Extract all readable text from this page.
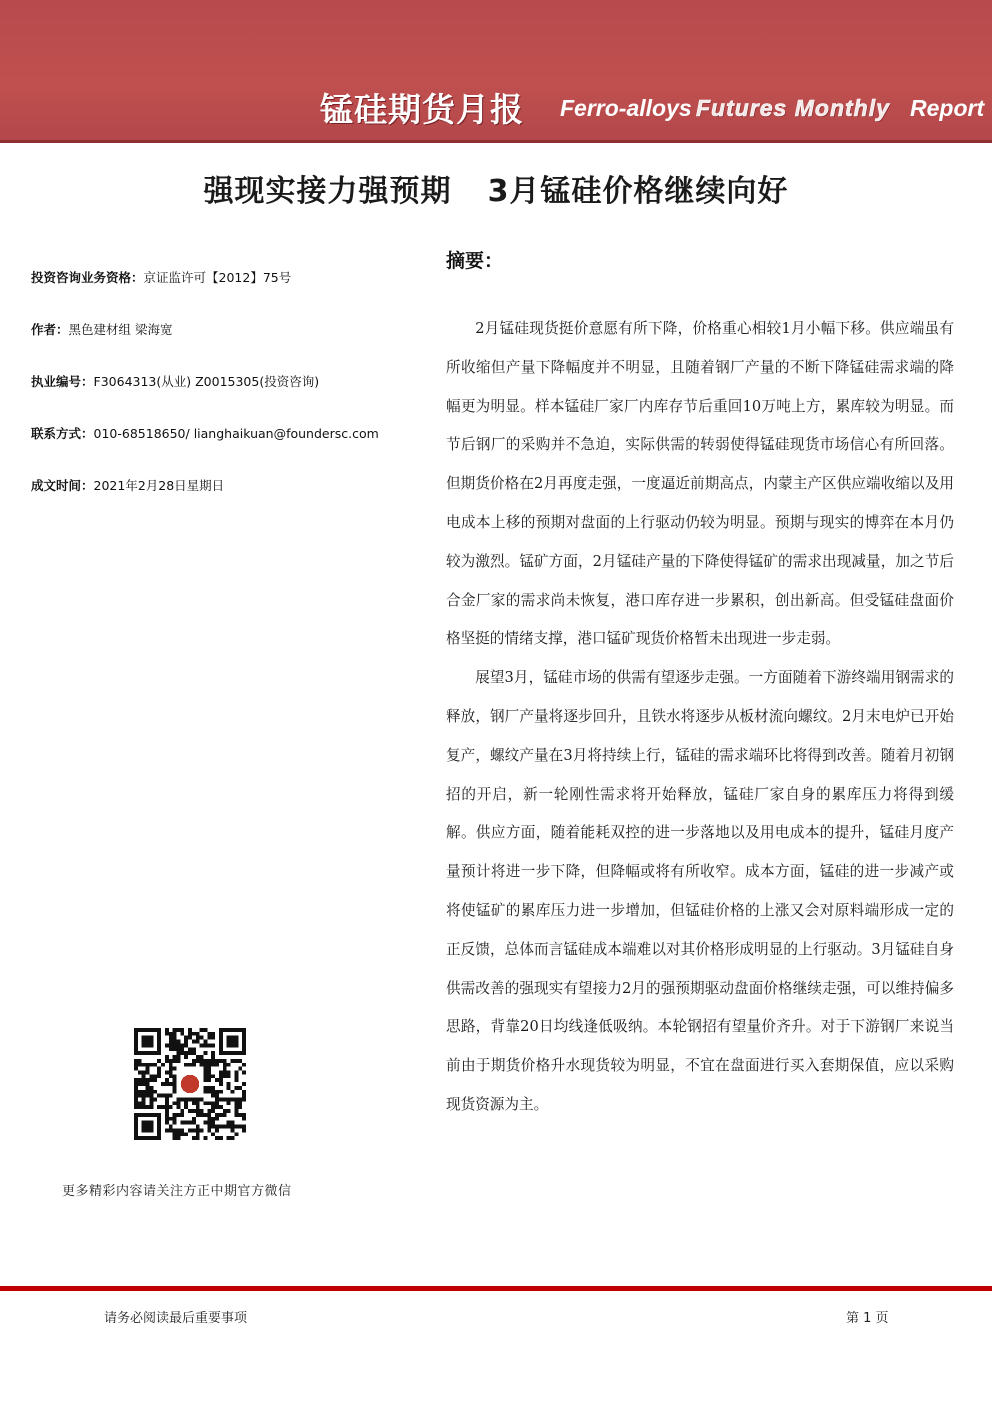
锰硅期货月报 Ferro-alloys Futures Monthly Report
强现实接力强预期 3月锰硅价格继续向好
投资咨询业务资格：京证监许可【2012】75号
作者：黑色建材组 梁海宽
执业编号：F3064313(从业) Z0015305(投资咨询)
联系方式：010-68518650/ lianghaikuan@foundersc.com
成文时间：2021年2月28日星期日
更多精彩内容请关注方正中期官方微信
摘要：

2月锰硅现货挺价意愿有所下降，价格重心相较1月小幅下移。供应端虽有所收缩但产量下降幅度并不明显，且随着钢厂产量的不断下降锰硅需求端的降幅更为明显。样本锰硅厂家厂内库存节后重回10万吨上方，累库较为明显。而节后钢厂的采购并不急迫，实际供需的转弱使得锰硅现货市场信心有所回落。但期货价格在2月再度走强，一度逼近前期高点，内蒙主产区供应端收缩以及用电成本上移的预期对盘面的上行驱动仍较为明显。预期与现实的博弈在本月仍较为激烈。锰矿方面，2月锰硅产量的下降使得锰矿的需求出现减量，加之节后合金厂家的需求尚未恢复，港口库存进一步累积，创出新高。但受锰硅盘面价格坚挺的情绪支撑，港口锰矿现货价格暂未出现进一步走弱。

展望3月，锰硅市场的供需有望逐步走强。一方面随着下游终端用钢需求的释放，钢厂产量将逐步回升，且铁水将逐步从板材流向螺纹。2月末电炉已开始复产，螺纹产量在3月将持续上行，锰硅的需求端环比将得到改善。随着月初钢招的开启，新一轮刚性需求将开始释放，锰硅厂家自身的累库压力将得到缓解。供应方面，随着能耗双控的进一步落地以及用电成本的提升，锰硅月度产量预计将进一步下降，但降幅或将有所收窄。成本方面，锰硅的进一步减产或将使锰矿的累库压力进一步增加，但锰硅价格的上涨又会对原料端形成一定的正反馈，总体而言锰硅成本端难以对其价格形成明显的上行驱动。3月锰硅自身供需改善的强现实有望接力2月的强预期驱动盘面价格继续走强，可以维持偏多思路，背靠20日均线逢低吸纳。本轮钢招有望量价齐升。对于下游钢厂来说当前由于期货价格升水现货较为明显，不宜在盘面进行买入套期保值，应以采购现货资源为主。

请务必阅读最后重要事项	第 1 页
